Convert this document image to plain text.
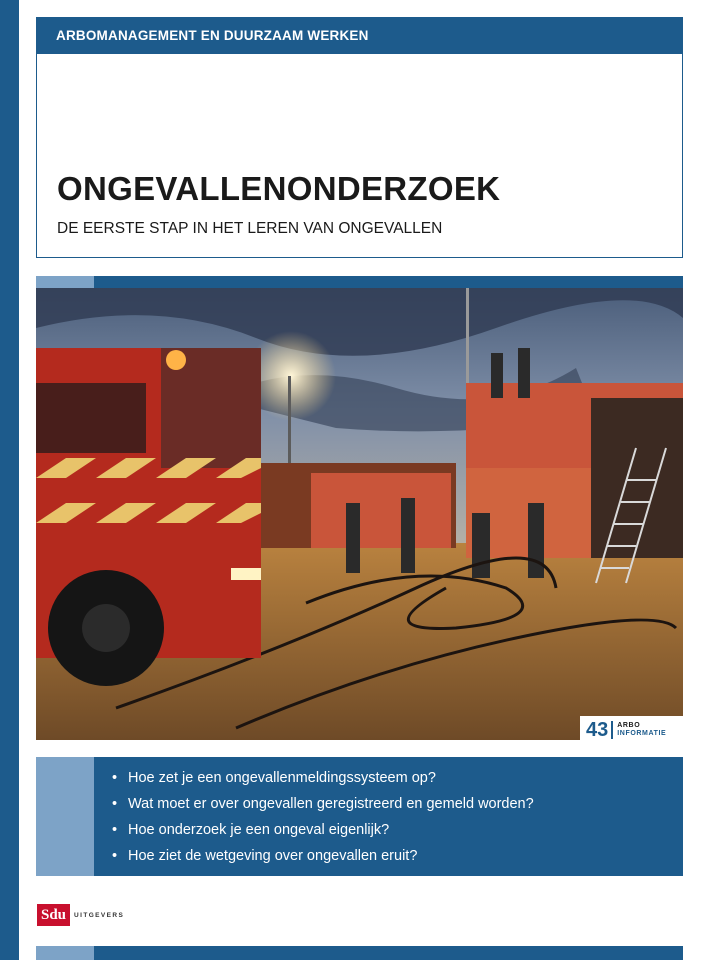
ARBOMANAGEMENT EN DUURZAAM WERKEN
ONGEVALLENONDERZOEK
DE EERSTE STAP IN HET LEREN VAN ONGEVALLEN
43 ARBO
INFORMATIE
• Hoe zet je een ongevallenmeldingssysteem op?
• Wat moet er over ongevallen geregistreerd en gemeld worden?
• Hoe onderzoek je een ongeval eigenlijk?
• Hoe ziet de wetgeving over ongevallen eruit?
Sdu	UITGEVERS
